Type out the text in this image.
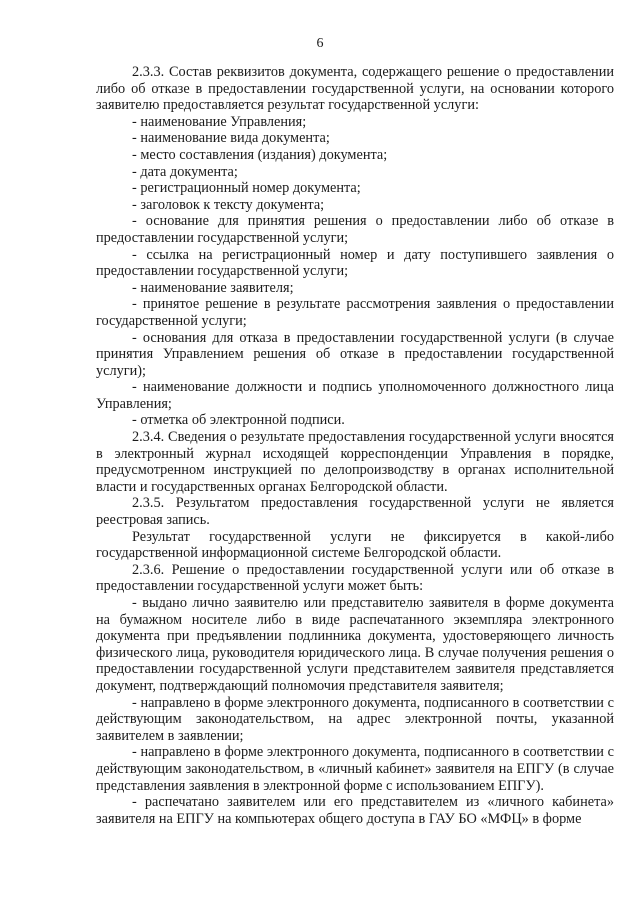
6

2.3.3. Состав реквизитов документа, содержащего решение о предоставлении либо об отказе в предоставлении государственной услуги, на основании которого заявителю предоставляется результат государственной услуги:

- наименование Управления;

- наименование вида документа;

- место составления (издания) документа;

- дата документа;

- регистрационный номер документа;

- заголовок к тексту документа;

- основание для принятия решения о предоставлении либо об отказе в предоставлении государственной услуги;

- ссылка на регистрационный номер и дату поступившего заявления о предоставлении государственной услуги;

- наименование заявителя;

- принятое решение в результате рассмотрения заявления о предоставлении государственной услуги;

- основания для отказа в предоставлении государственной услуги (в случае принятия Управлением решения об отказе в предоставлении государственной услуги);

- наименование должности и подпись уполномоченного должностного лица Управления;

- отметка об электронной подписи.

2.3.4. Сведения о результате предоставления государственной услуги вносятся в электронный журнал исходящей корреспонденции Управления в порядке, предусмотренном инструкцией по делопроизводству в органах исполнительной власти и государственных органах Белгородской области.

2.3.5. Результатом предоставления государственной услуги не является реестровая запись.

Результат государственной услуги не фиксируется в какой-либо государственной информационной системе Белгородской области.

2.3.6. Решение о предоставлении государственной услуги или об отказе в предоставлении государственной услуги может быть:

- выдано лично заявителю или представителю заявителя в форме документа на бумажном носителе либо в виде распечатанного экземпляра электронного документа при предъявлении подлинника документа, удостоверяющего личность физического лица, руководителя юридического лица. В случае получения решения о предоставлении государственной услуги представителем заявителя представляется документ, подтверждающий полномочия представителя заявителя;

- направлено в форме электронного документа, подписанного в соответствии с действующим законодательством, на адрес электронной почты, указанной заявителем в заявлении;

- направлено в форме электронного документа, подписанного в соответствии с действующим законодательством, в «личный кабинет» заявителя на ЕПГУ (в случае представления заявления в электронной форме с использованием ЕПГУ).

- распечатано заявителем или его представителем из «личного кабинета» заявителя на ЕПГУ на компьютерах общего доступа в ГАУ БО «МФЦ» в форме
